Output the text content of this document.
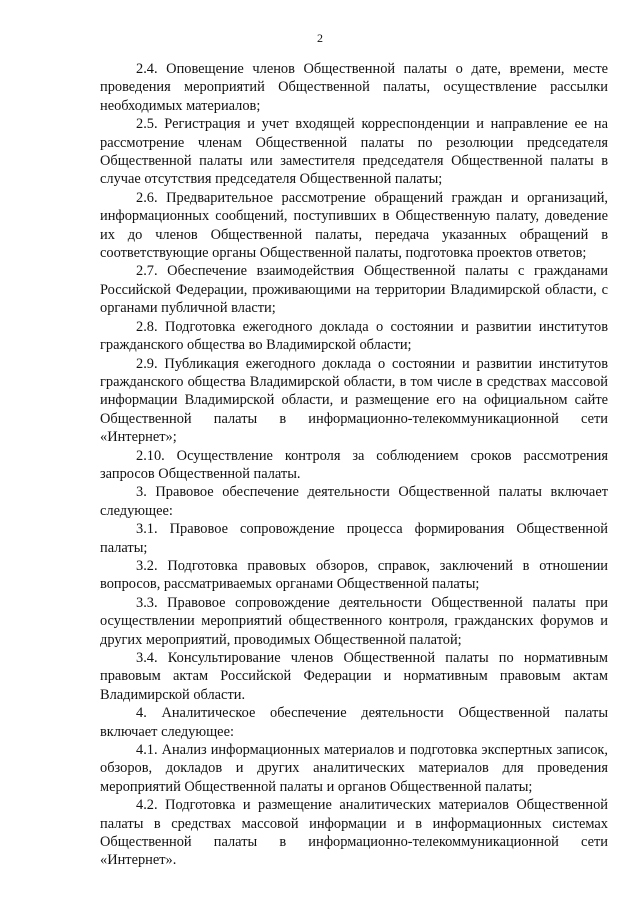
2

2.4. Оповещение членов Общественной палаты о дате, времени, месте проведения мероприятий Общественной палаты, осуществление рассылки необходимых материалов;

2.5. Регистрация и учет входящей корреспонденции и направление ее на рассмотрение членам Общественной палаты по резолюции председателя Общественной палаты или заместителя председателя Общественной палаты в случае отсутствия председателя Общественной палаты;

2.6. Предварительное рассмотрение обращений граждан и организаций, информационных сообщений, поступивших в Общественную палату, доведение их до членов Общественной палаты, передача указанных обращений в соответствующие органы Общественной палаты, подготовка проектов ответов;

2.7. Обеспечение взаимодействия Общественной палаты с гражданами Российской Федерации, проживающими на территории Владимирской области, с органами публичной власти;

2.8. Подготовка ежегодного доклада о состоянии и развитии институтов гражданского общества во Владимирской области;

2.9. Публикация ежегодного доклада о состоянии и развитии институтов гражданского общества Владимирской области, в том числе в средствах массовой информации Владимирской области, и размещение его на официальном сайте Общественной палаты в информационно-телекоммуникационной сети «Интернет»;

2.10. Осуществление контроля за соблюдением сроков рассмотрения запросов Общественной палаты.

3. Правовое обеспечение деятельности Общественной палаты включает следующее:

3.1. Правовое сопровождение процесса формирования Общественной палаты;

3.2. Подготовка правовых обзоров, справок, заключений в отношении вопросов, рассматриваемых органами Общественной палаты;

3.3. Правовое сопровождение деятельности Общественной палаты при осуществлении мероприятий общественного контроля, гражданских форумов и других мероприятий, проводимых Общественной палатой;

3.4. Консультирование членов Общественной палаты по нормативным правовым актам Российской Федерации и нормативным правовым актам Владимирской области.

4. Аналитическое обеспечение деятельности Общественной палаты включает следующее:

4.1. Анализ информационных материалов и подготовка экспертных записок, обзоров, докладов и других аналитических материалов для проведения мероприятий Общественной палаты и органов Общественной палаты;

4.2. Подготовка и размещение аналитических материалов Общественной палаты в средствах массовой информации и в информационных системах Общественной палаты в информационно-телекоммуникационной сети «Интернет».
